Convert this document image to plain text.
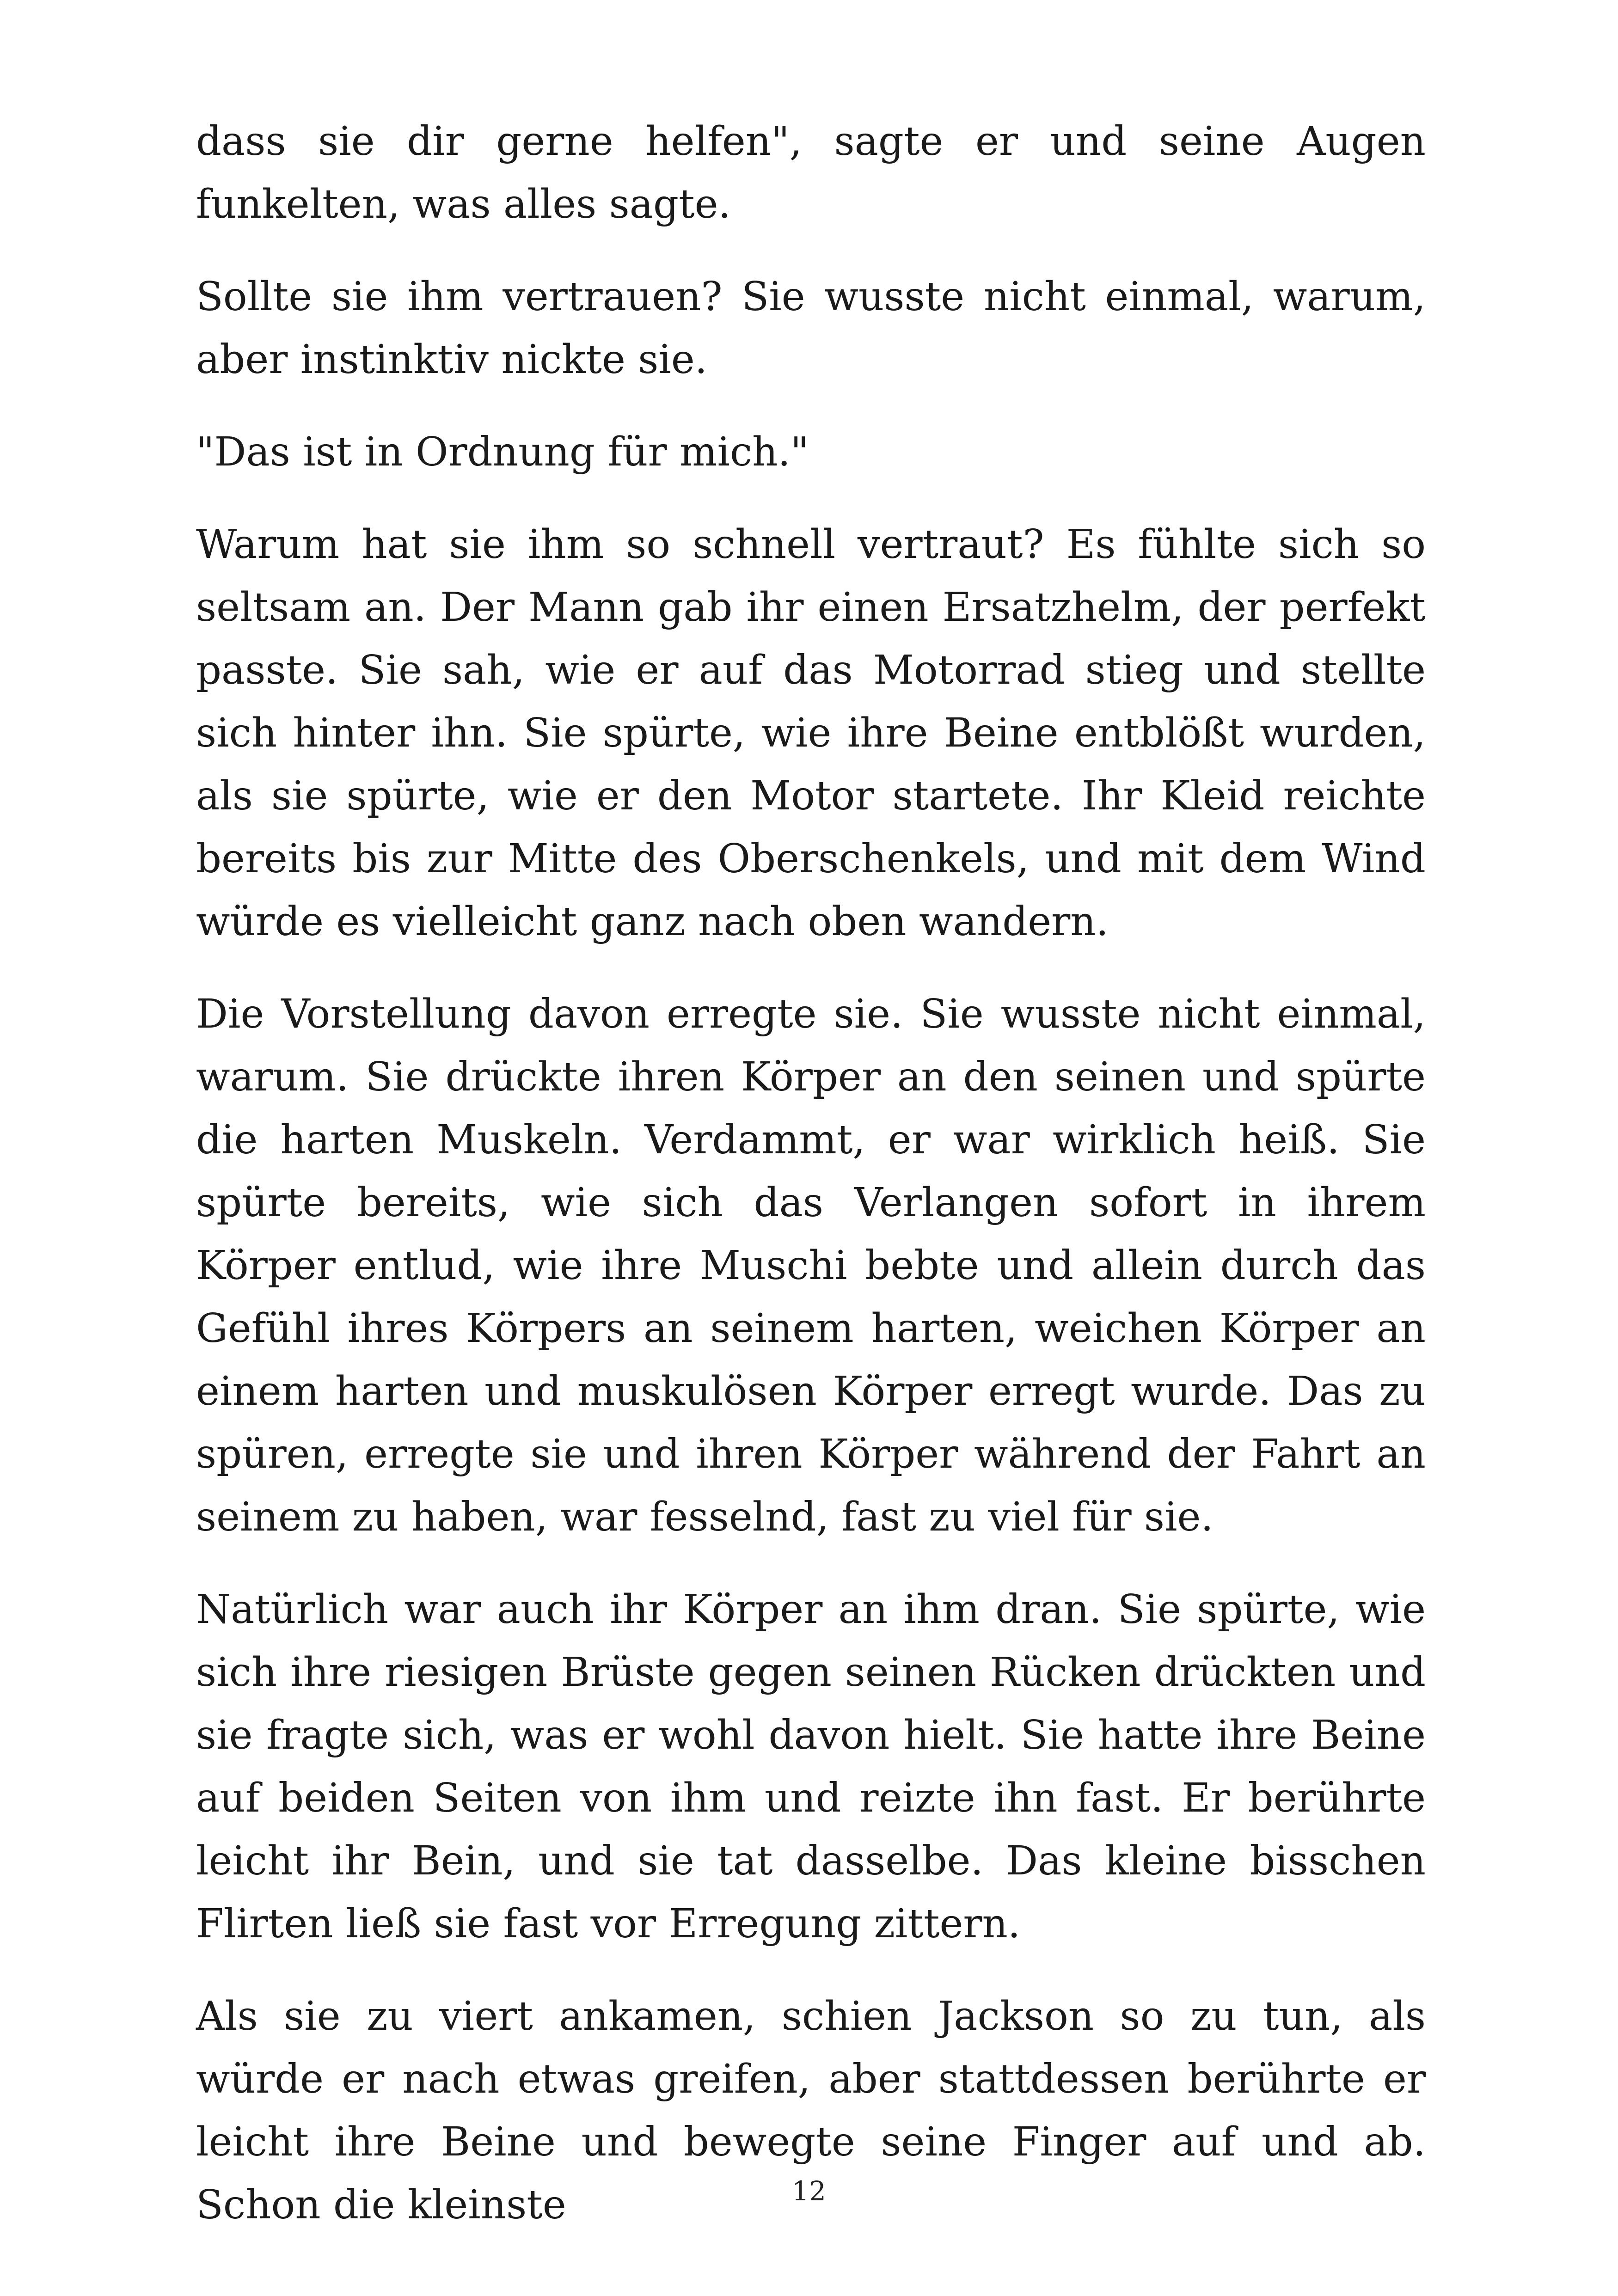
dass sie dir gerne helfen", sagte er und seine Augen funkelten, was alles sagte.

Sollte sie ihm vertrauen? Sie wusste nicht einmal, warum, aber instinktiv nickte sie.

"Das ist in Ordnung für mich."

Warum hat sie ihm so schnell vertraut? Es fühlte sich so seltsam an. Der Mann gab ihr einen Ersatzhelm, der perfekt passte. Sie sah, wie er auf das Motorrad stieg und stellte sich hinter ihn. Sie spürte, wie ihre Beine entblößt wurden, als sie spürte, wie er den Motor startete. Ihr Kleid reichte bereits bis zur Mitte des Oberschenkels, und mit dem Wind würde es vielleicht ganz nach oben wandern.

Die Vorstellung davon erregte sie. Sie wusste nicht einmal, warum. Sie drückte ihren Körper an den seinen und spürte die harten Muskeln. Verdammt, er war wirklich heiß. Sie spürte bereits, wie sich das Verlangen sofort in ihrem Körper entlud, wie ihre Muschi bebte und allein durch das Gefühl ihres Körpers an seinem harten, weichen Körper an einem harten und muskulösen Körper erregt wurde. Das zu spüren, erregte sie und ihren Körper während der Fahrt an seinem zu haben, war fesselnd, fast zu viel für sie.

Natürlich war auch ihr Körper an ihm dran. Sie spürte, wie sich ihre riesigen Brüste gegen seinen Rücken drückten und sie fragte sich, was er wohl davon hielt. Sie hatte ihre Beine auf beiden Seiten von ihm und reizte ihn fast. Er berührte leicht ihr Bein, und sie tat dasselbe. Das kleine bisschen Flirten ließ sie fast vor Erregung zittern.

Als sie zu viert ankamen, schien Jackson so zu tun, als würde er nach etwas greifen, aber stattdessen berührte er leicht ihre Beine und bewegte seine Finger auf und ab. Schon die kleinste	12
